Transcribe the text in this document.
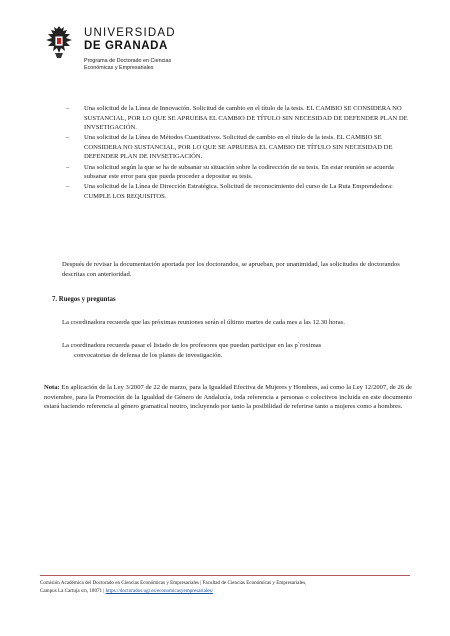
UNIVERSIDAD
DE GRANADA
Programa de Doctorado en Ciencias
Económicas y Empresariales
– Una solicitud de la Línea de Innovación. Solicitud de cambio en el título de la tesis. EL CAMBIO SE CONSIDERA NO SUSTANCIAL, POR LO QUE SE APRUEBA EL CAMBIO DE TÍTULO SIN NECESIDAD DE DEFENDER PLAN DE INVSETIGACIÓN.
– Una solicitud de la Línea de Métodos Cuantitativos. Solicitud de cambio en el título de la tesis. EL CAMBIO SE CONSIDERA NO SUSTANCIAL, POR LO QUE SE APRUEBA EL CAMBIO DE TÍTULO SIN NECESIDAD DE DEFENDER PLAN DE INVSETIGACIÓN.
– Una solicitud según la que se ha de subsanar su situación sobre la codirección de su tesis. En estar reunión se acuerda subsanar este error para que pueda proceder a depositar su tesis.
– Una solicitud de la Línea de Dirección Estratégica. Solicitud de reconocimiento del curso de La Ruta Emprendedora: CUMPLE LOS REQUISITOS.
Después de revisar la documentación aportada por los doctorandos, se aprueban, por unanimidad, las solicitudes de doctorandos descritas con anterioridad.
7. Ruegos y preguntas
La coordinadora recuerda que las próximas reuniones serán el último martes de cada mes a las 12.30 horas.
La coordinadora recuerda pasar el listado de los profesores que puedan participar en las p`roximas
convocatorias de defensa de los planes de investigación.
Nota: En aplicación de la Ley 3/2007 de 22 de marzo, para la Igualdad Efectiva de Mujeres y Hombres, así como la Ley 12/2007, de 26 de noviembre, para la Promoción de la Igualdad de Género de Andalucía, toda referencia a personas o colectivos incluida en este documento estará haciendo referencia al género gramatical neutro, incluyendo por tanto la posibilidad de referirse tanto a mujeres como a hombres.
Comisión Académica del Doctorado en Ciencias Económicas y Empresariales | Facultad de Ciencias Económicas y Empresariales,
Campus La Cartuja s/n, 18071 | https://doctorados.ugr.es/economicasyempresariales/
